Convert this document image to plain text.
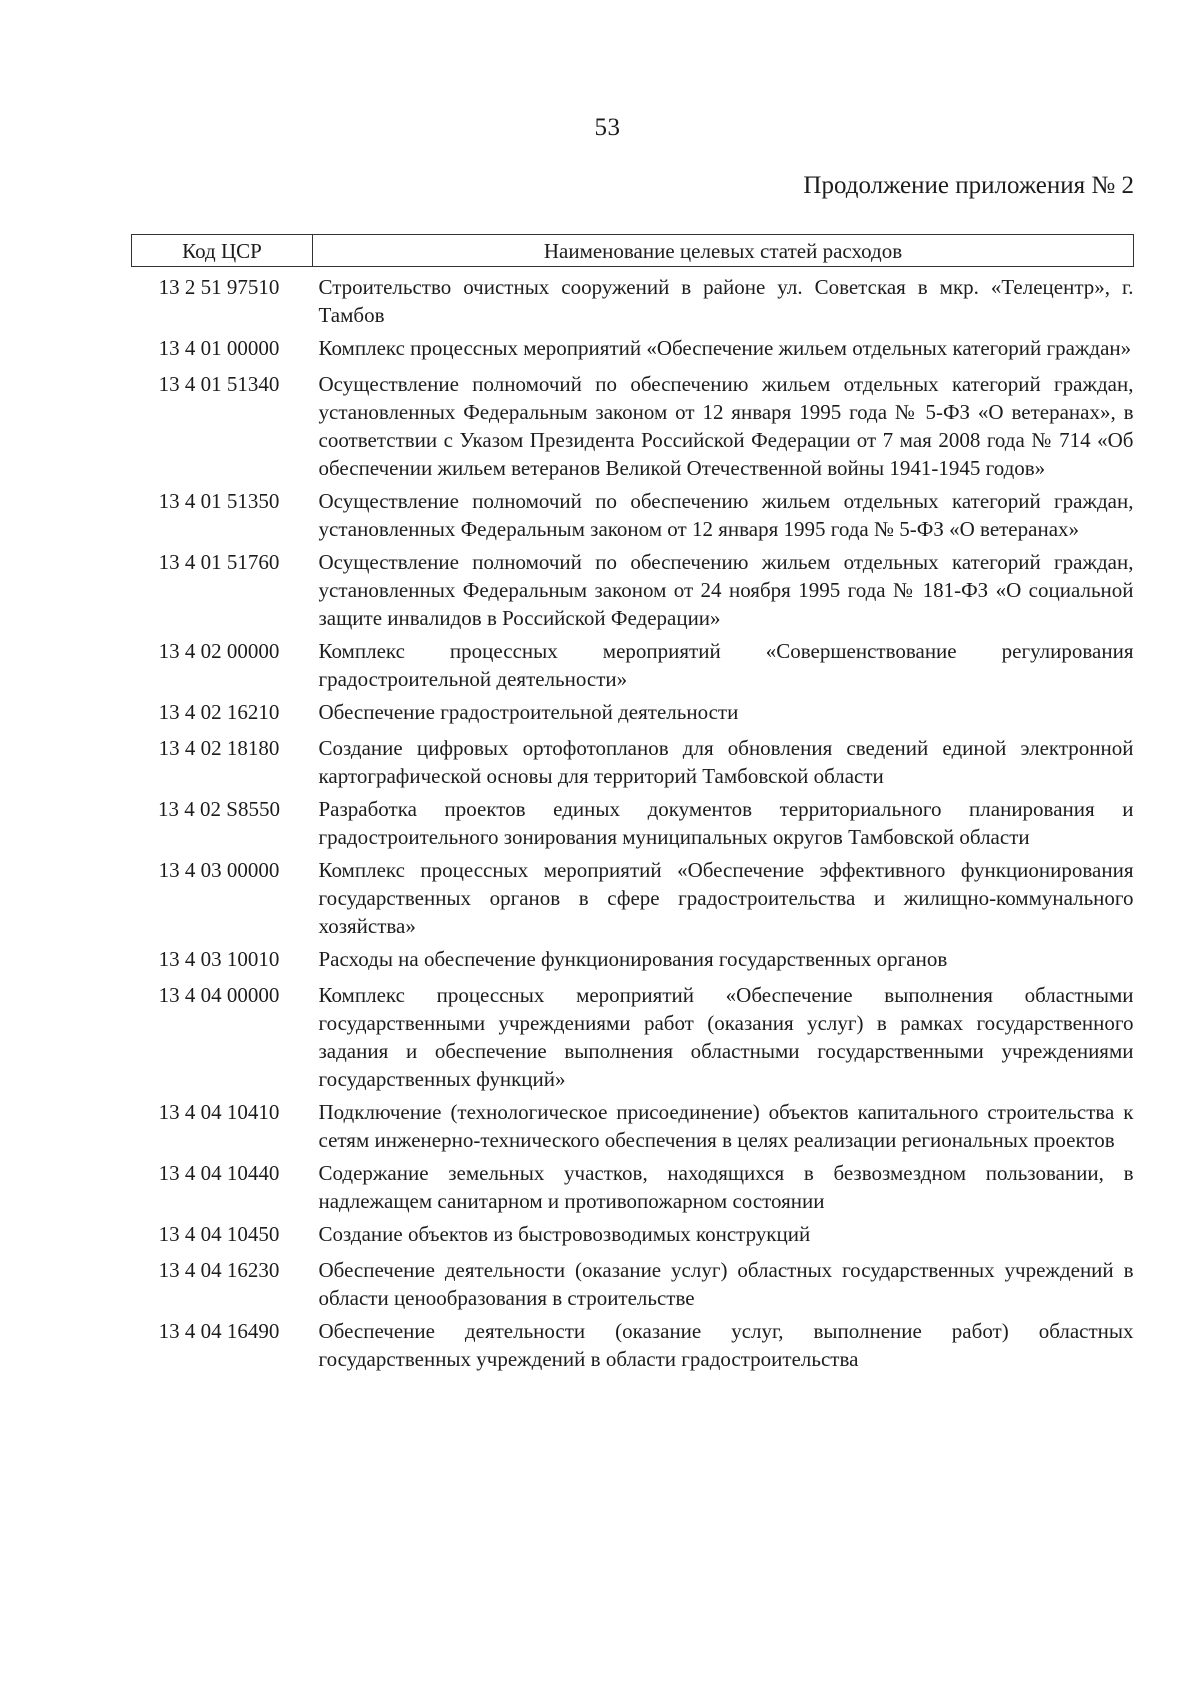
53
Продолжение приложения № 2
Код ЦСР	Наименование целевых статей расходов
13 2 51 97510	Строительство очистных сооружений в районе ул. Советская в мкр. «Телецентр», г. Тамбов
13 4 01 00000	Комплекс процессных мероприятий «Обеспечение жильем отдельных категорий граждан»
13 4 01 51340	Осуществление полномочий по обеспечению жильем отдельных категорий граждан, установленных Федеральным законом от 12 января 1995 года № 5-ФЗ «О ветеранах», в соответствии с Указом Президента Российской Федерации от 7 мая 2008 года № 714 «Об обеспечении жильем ветеранов Великой Отечественной войны 1941-1945 годов»
13 4 01 51350	Осуществление полномочий по обеспечению жильем отдельных категорий граждан, установленных Федеральным законом от 12 января 1995 года № 5-ФЗ «О ветеранах»
13 4 01 51760	Осуществление полномочий по обеспечению жильем отдельных категорий граждан, установленных Федеральным законом от 24 ноября 1995 года № 181-ФЗ «О социальной защите инвалидов в Российской Федерации»
13 4 02 00000	Комплекс процессных мероприятий «Совершенствование регулирования градостроительной деятельности»
13 4 02 16210	Обеспечение градостроительной деятельности
13 4 02 18180	Создание цифровых ортофотопланов для обновления сведений единой электронной картографической основы для территорий Тамбовской области
13 4 02 S8550	Разработка проектов единых документов территориального планирования и градостроительного зонирования муниципальных округов Тамбовской области
13 4 03 00000	Комплекс процессных мероприятий «Обеспечение эффективного функционирования государственных органов в сфере градостроительства и жилищно-коммунального хозяйства»
13 4 03 10010	Расходы на обеспечение функционирования государственных органов
13 4 04 00000	Комплекс процессных мероприятий «Обеспечение выполнения областными государственными учреждениями работ (оказания услуг) в рамках государственного задания и обеспечение выполнения областными государственными учреждениями государственных функций»
13 4 04 10410	Подключение (технологическое присоединение) объектов капитального строительства к сетям инженерно-технического обеспечения в целях реализации региональных проектов
13 4 04 10440	Содержание земельных участков, находящихся в безвозмездном пользовании, в надлежащем санитарном и противопожарном состоянии
13 4 04 10450	Создание объектов из быстровозводимых конструкций
13 4 04 16230	Обеспечение деятельности (оказание услуг) областных государственных учреждений в области ценообразования в строительстве
13 4 04 16490	Обеспечение деятельности (оказание услуг, выполнение работ) областных государственных учреждений в области градостроительства
